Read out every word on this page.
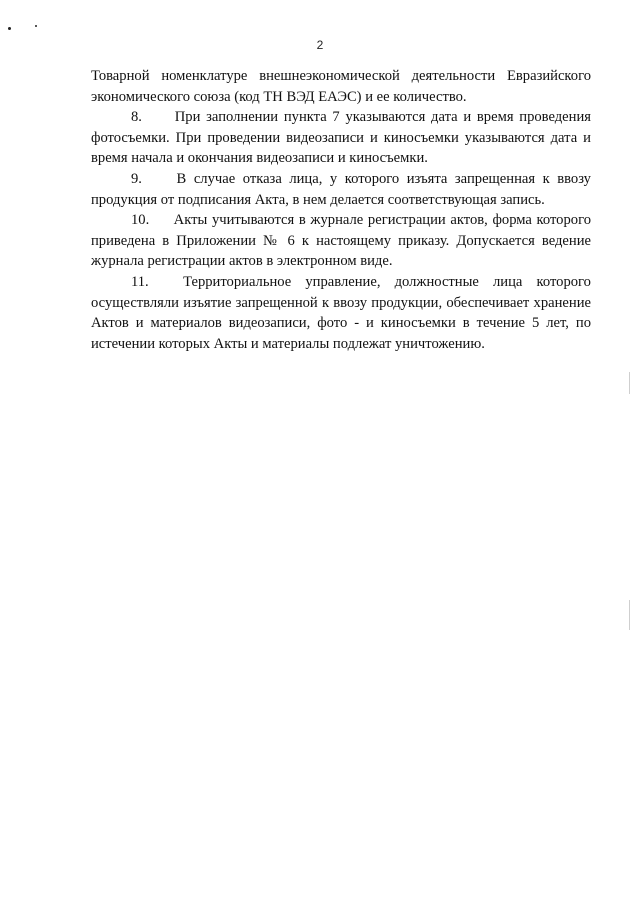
2

Товарной номенклатуре внешнеэкономической деятельности Евразийского экономического союза (код ТН ВЭД ЕАЭС) и ее количество.

8. При заполнении пункта 7 указываются дата и время проведения фотосъемки. При проведении видеозаписи и киносъемки указываются дата и время начала и окончания видеозаписи и киносъемки.

9. В случае отказа лица, у которого изъята запрещенная к ввозу продукция от подписания Акта, в нем делается соответствующая запись.

10. Акты учитываются в журнале регистрации актов, форма которого приведена в Приложении № 6 к настоящему приказу. Допускается ведение журнала регистрации актов в электронном виде.

11. Территориальное управление, должностные лица которого осуществляли изъятие запрещенной к ввозу продукции, обеспечивает хранение Актов и материалов видеозаписи, фото - и киносъемки в течение 5 лет, по истечении которых Акты и материалы подлежат уничтожению.
